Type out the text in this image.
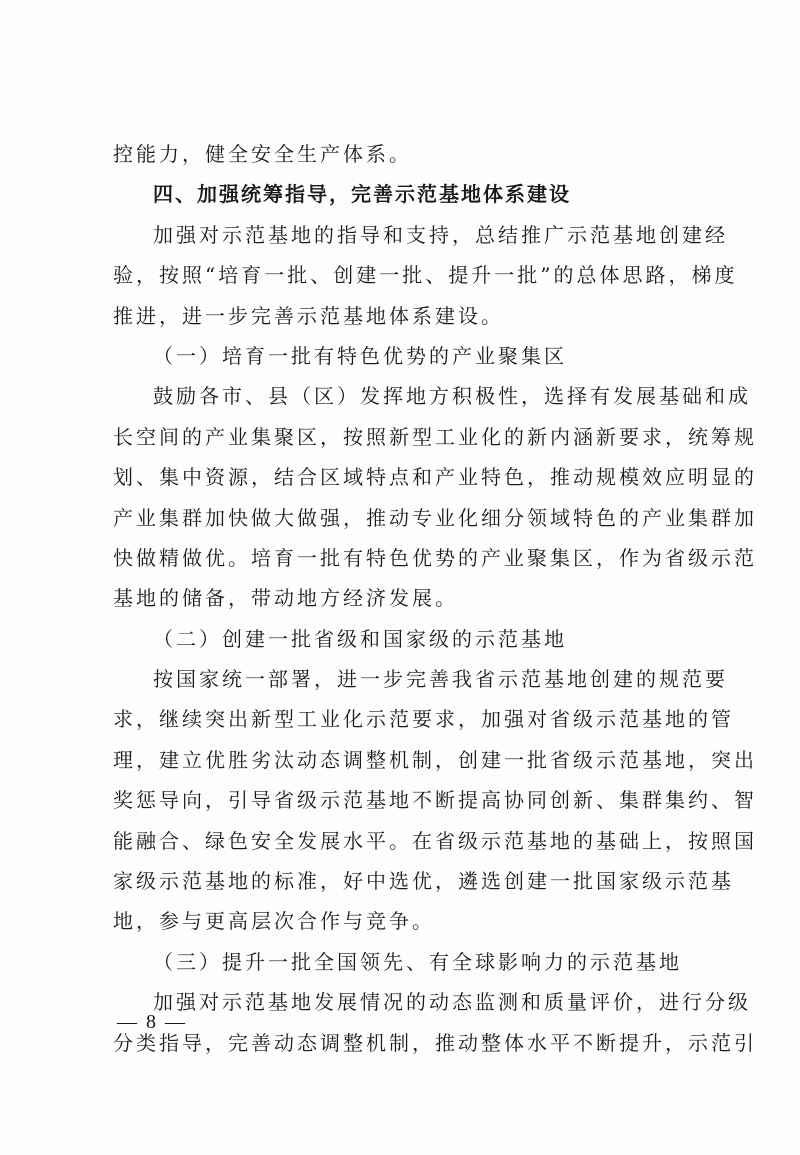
控能力，健全安全生产体系。
四、加强统筹指导，完善示范基地体系建设
加强对示范基地的指导和支持，总结推广示范基地创建经
验，按照“培育一批、创建一批、提升一批”的总体思路，梯度
推进，进一步完善示范基地体系建设。
（一）培育一批有特色优势的产业聚集区
鼓励各市、县（区）发挥地方积极性，选择有发展基础和成
长空间的产业集聚区，按照新型工业化的新内涵新要求，统筹规
划、集中资源，结合区域特点和产业特色，推动规模效应明显的
产业集群加快做大做强，推动专业化细分领域特色的产业集群加
快做精做优。培育一批有特色优势的产业聚集区，作为省级示范
基地的储备，带动地方经济发展。
（二）创建一批省级和国家级的示范基地
按国家统一部署，进一步完善我省示范基地创建的规范要
求，继续突出新型工业化示范要求，加强对省级示范基地的管
理，建立优胜劣汰动态调整机制，创建一批省级示范基地，突出
奖惩导向，引导省级示范基地不断提高协同创新、集群集约、智
能融合、绿色安全发展水平。在省级示范基地的基础上，按照国
家级示范基地的标准，好中选优，遴选创建一批国家级示范基
地，参与更高层次合作与竞争。
（三）提升一批全国领先、有全球影响力的示范基地
加强对示范基地发展情况的动态监测和质量评价，进行分级
分类指导，完善动态调整机制，推动整体水平不断提升，示范引
— 8 —
